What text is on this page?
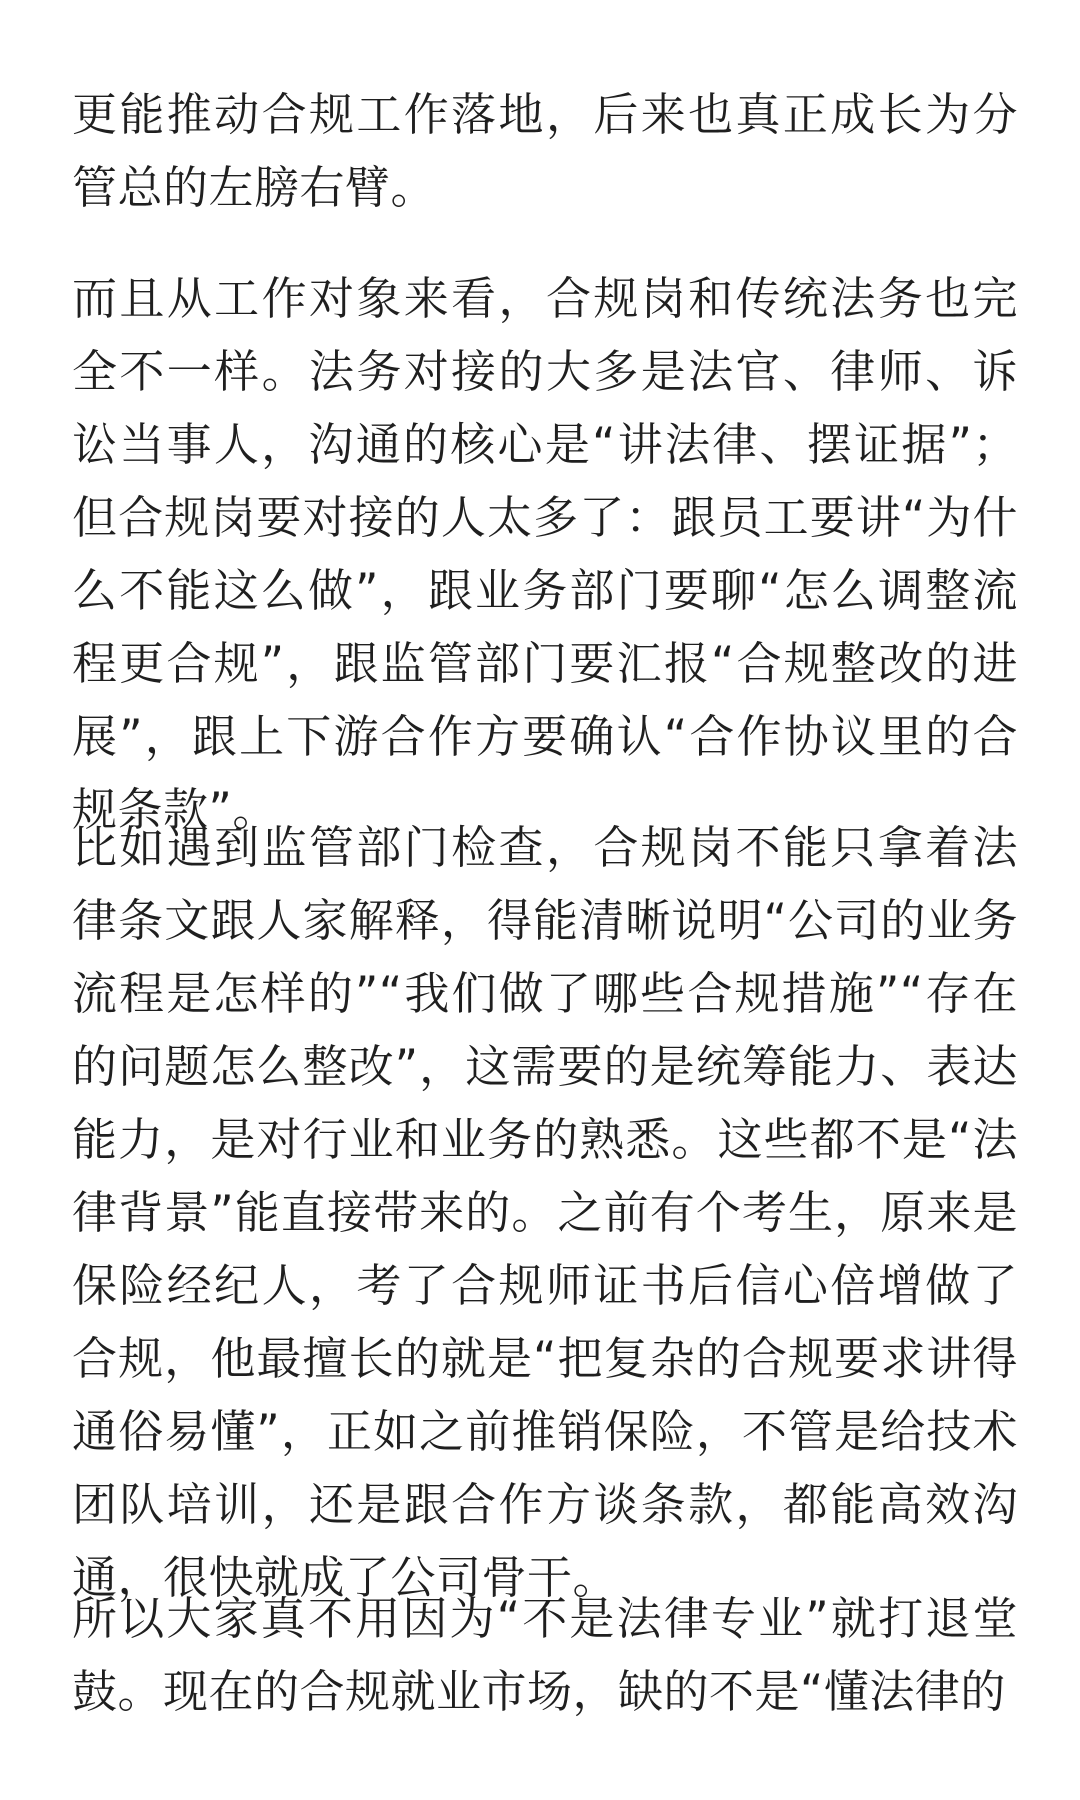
更能推动合规工作落地，后来也真正成长为分管总的左膀右臂。

而且从工作对象来看，合规岗和传统法务也完全不一样。法务对接的大多是法官、律师、诉讼当事人，沟通的核心是“讲法律、摆证据”；但合规岗要对接的人太多了：跟员工要讲“为什么不能这么做”，跟业务部门要聊“怎么调整流程更合规”，跟监管部门要汇报“合规整改的进展”，跟上下游合作方要确认“合作协议里的合规条款”。

比如遇到监管部门检查，合规岗不能只拿着法律条文跟人家解释，得能清晰说明“公司的业务流程是怎样的”“我们做了哪些合规措施”“存在的问题怎么整改”，这需要的是统筹能力、表达能力，是对行业和业务的熟悉。这些都不是“法律背景”能直接带来的。之前有个考生，原来是保险经纪人，考了合规师证书后信心倍增做了合规，他最擅长的就是“把复杂的合规要求讲得通俗易懂”，正如之前推销保险，不管是给技术团队培训，还是跟合作方谈条款，都能高效沟通，很快就成了公司骨干。

所以大家真不用因为“不是法律专业”就打退堂鼓。现在的合规就业市场，缺的不是“懂法律的
